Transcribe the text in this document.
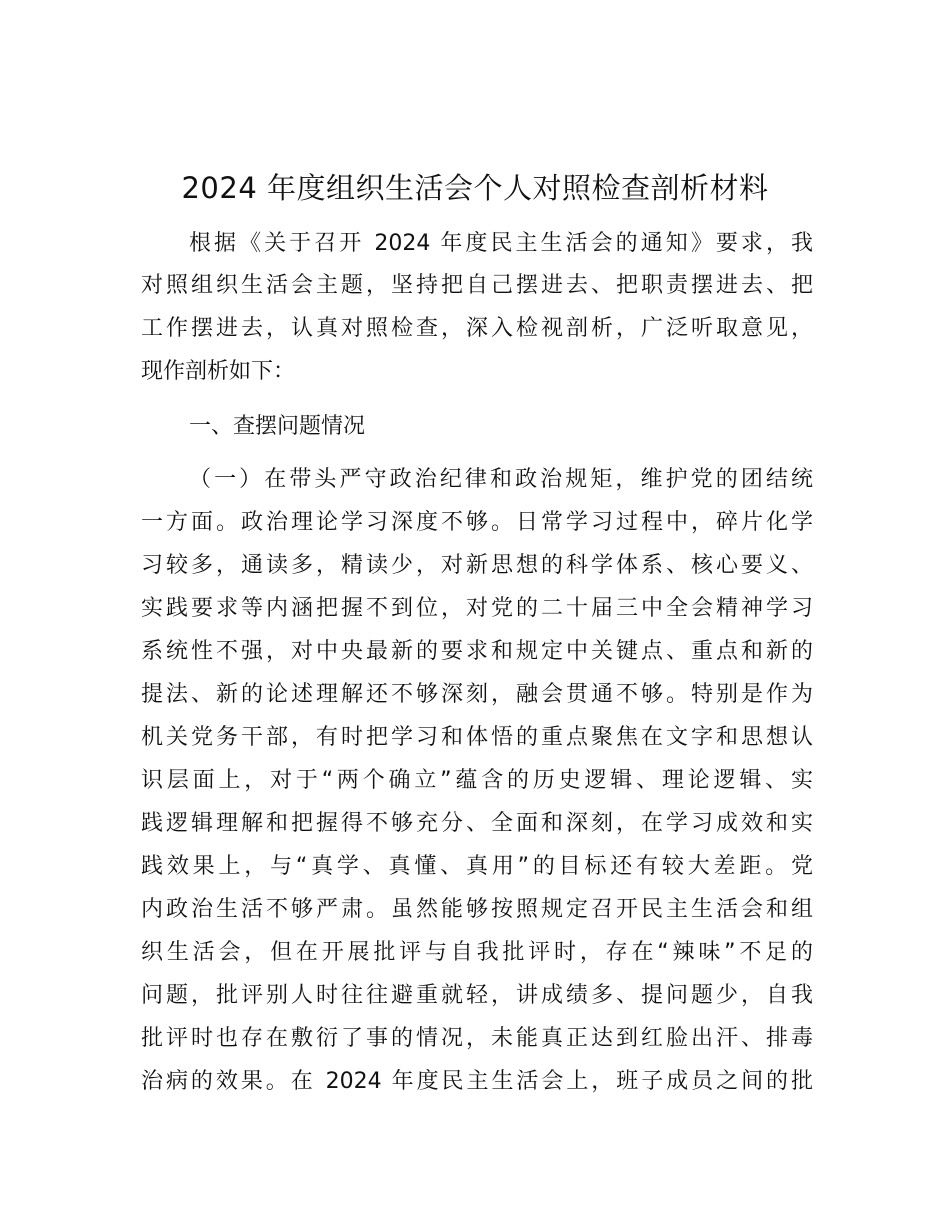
2024 年度组织生活会个人对照检查剖析材料
根据《关于召开 2024 年度民主生活会的通知》要求，我
对照组织生活会主题，坚持把自己摆进去、把职责摆进去、把
工作摆进去，认真对照检查，深入检视剖析，广泛听取意见，
现作剖析如下：
一、查摆问题情况
（一）在带头严守政治纪律和政治规矩，维护党的团结统
一方面。政治理论学习深度不够。日常学习过程中，碎片化学
习较多，通读多，精读少，对新思想的科学体系、核心要义、
实践要求等内涵把握不到位，对党的二十届三中全会精神学习
系统性不强，对中央最新的要求和规定中关键点、重点和新的
提法、新的论述理解还不够深刻，融会贯通不够。特别是作为
机关党务干部，有时把学习和体悟的重点聚焦在文字和思想认
识层面上，对于“两个确立”蕴含的历史逻辑、理论逻辑、实
践逻辑理解和把握得不够充分、全面和深刻，在学习成效和实
践效果上，与“真学、真懂、真用”的目标还有较大差距。党
内政治生活不够严肃。虽然能够按照规定召开民主生活会和组
织生活会，但在开展批评与自我批评时，存在“辣味”不足的
问题，批评别人时往往避重就轻，讲成绩多、提问题少，自我
批评时也存在敷衍了事的情况，未能真正达到红脸出汗、排毒
治病的效果。在 2024 年度民主生活会上，班子成员之间的批
